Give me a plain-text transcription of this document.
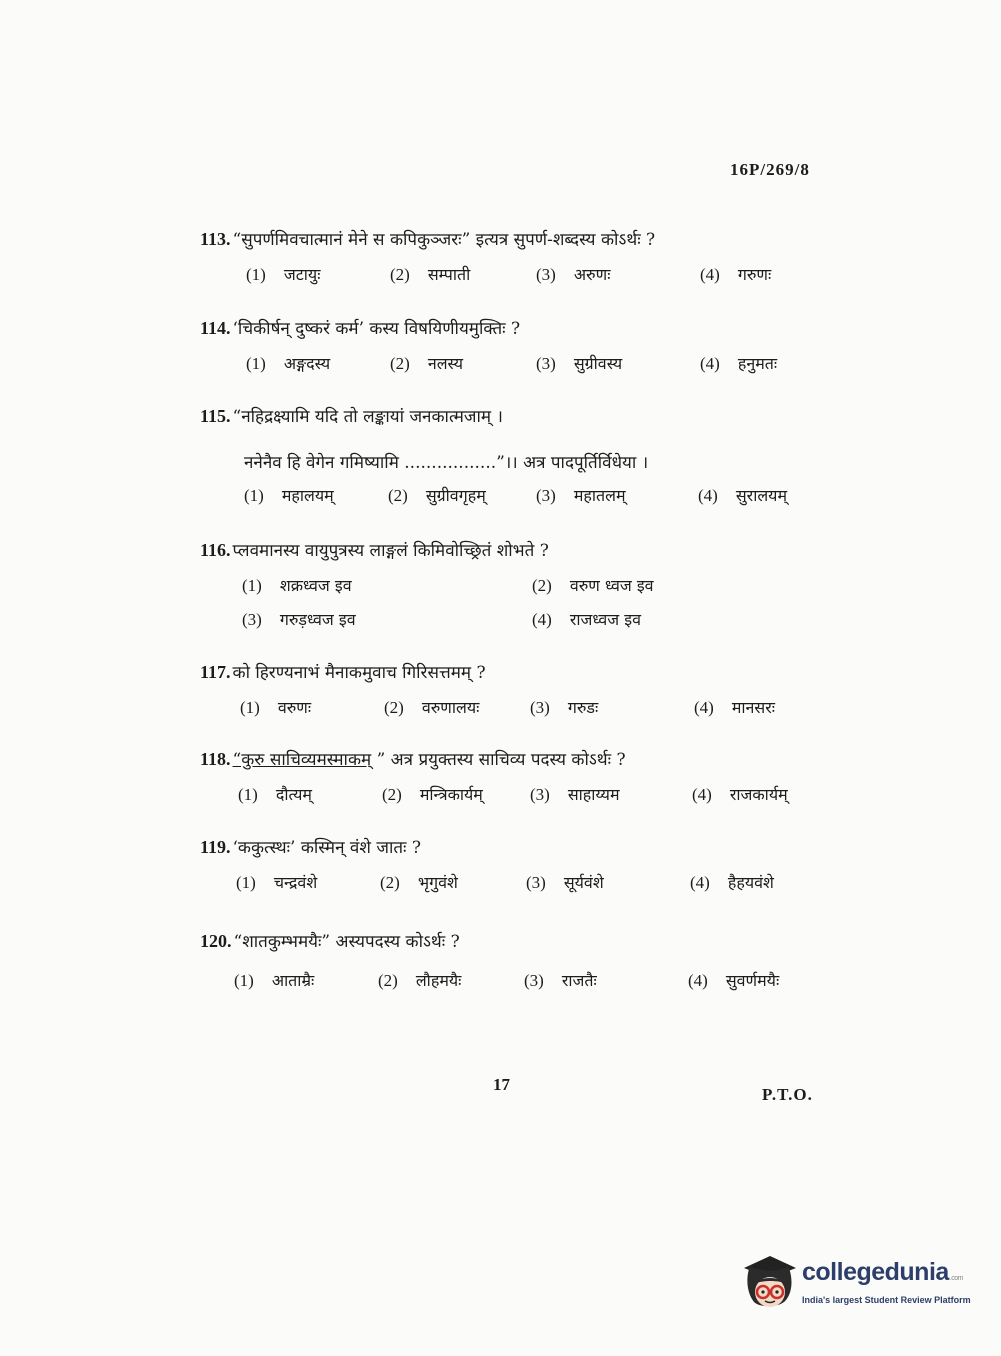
16P/269/8
113. “सुपर्णमिवचात्मानं मेने स कपिकुञ्जरः” इत्यत्र सुपर्ण-शब्दस्य कोऽर्थः ?
(1) जटायुः	(2) सम्पाती	(3) अरुणः	(4) गरुणः
114. ‘चिकीर्षन् दुष्करं कर्म’ कस्य विषयिणीयमुक्तिः ?
(1) अङ्गदस्य	(2) नलस्य	(3) सुग्रीवस्य	(4) हनुमतः
115. “नहिद्रक्ष्यामि यदि तो लङ्कायां जनकात्मजाम् ।
ननेनैव हि वेगेन गमिष्यामि .................”।। अत्र पादपूर्तिर्विधेया ।
(1) महालयम्	(2) सुग्रीवगृहम्	(3) महातलम्	(4) सुरालयम्
116. प्लवमानस्य वायुपुत्रस्य लाङ्गलं किमिवोच्छ्रितं शोभते ?
(1) शक्रध्वज इव	(2) वरुण ध्वज इव
(3) गरुड़ध्वज इव	(4) राजध्वज इव
117. को हिरण्यनाभं मैनाकमुवाच गिरिसत्तमम् ?
(1) वरुणः	(2) वरुणालयः	(3) गरुडः	(4) मानसरः
118. “कुरु साचिव्यमस्माकम् ” अत्र प्रयुक्तस्य साचिव्य पदस्य कोऽर्थः ?
(1) दौत्यम्	(2) मन्त्रिकार्यम्	(3) साहाय्यम	(4) राजकार्यम्
119. ‘ककुत्स्थः’ कस्मिन् वंशे जातः ?
(1) चन्द्रवंशे	(2) भृगुवंशे	(3) सूर्यवंशे	(4) हैहयवंशे
120. “शातकुम्भमयैः” अस्यपदस्य कोऽर्थः ?
(1) आताम्रैः	(2) लौहमयैः	(3) राजतैः	(4) सुवर्णमयैः
17
P.T.O.
collegedunia.com
India's largest Student Review Platform
